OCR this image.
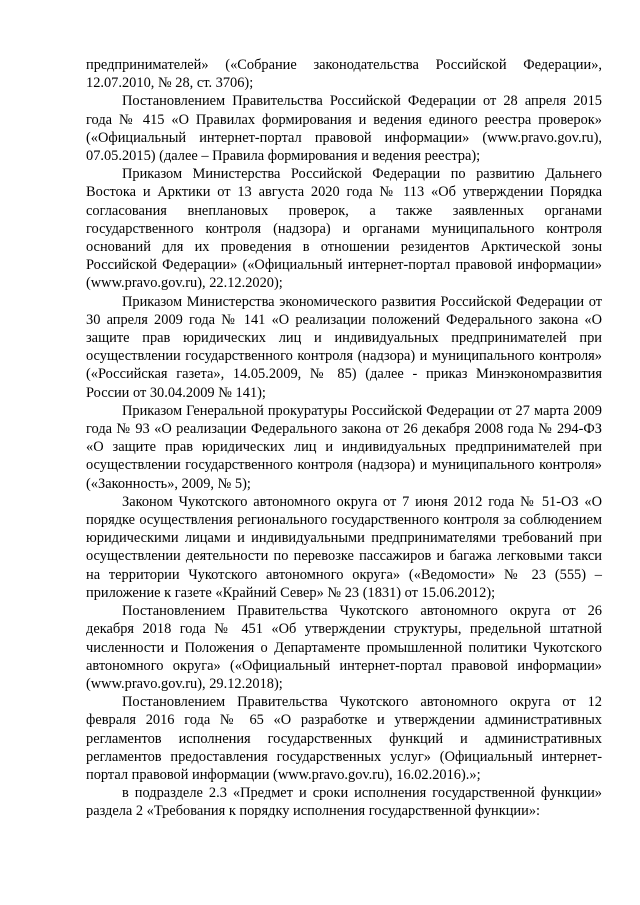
предпринимателей» («Собрание законодательства Российской Федерации», 12.07.2010, № 28, ст. 3706);

Постановлением Правительства Российской Федерации от 28 апреля 2015 года № 415 «О Правилах формирования и ведения единого реестра проверок» («Официальный интернет-портал правовой информации» (www.pravo.gov.ru), 07.05.2015) (далее – Правила формирования и ведения реестра);

Приказом Министерства Российской Федерации по развитию Дальнего Востока и Арктики от 13 августа 2020 года № 113 «Об утверждении Порядка согласования внеплановых проверок, а также заявленных органами государственного контроля (надзора) и органами муниципального контроля оснований для их проведения в отношении резидентов Арктической зоны Российской Федерации» («Официальный интернет-портал правовой информации» (www.pravo.gov.ru), 22.12.2020);

Приказом Министерства экономического развития Российской Федерации от 30 апреля 2009 года № 141 «О реализации положений Федерального закона «О защите прав юридических лиц и индивидуальных предпринимателей при осуществлении государственного контроля (надзора) и муниципального контроля» («Российская газета», 14.05.2009, № 85) (далее - приказ Минэкономразвития России от 30.04.2009 № 141);

Приказом Генеральной прокуратуры Российской Федерации от 27 марта 2009 года № 93 «О реализации Федерального закона от 26 декабря 2008 года № 294-ФЗ «О защите прав юридических лиц и индивидуальных предпринимателей при осуществлении государственного контроля (надзора) и муниципального контроля» («Законность», 2009, № 5);

Законом Чукотского автономного округа от 7 июня 2012 года № 51-ОЗ «О порядке осуществления регионального государственного контроля за соблюдением юридическими лицами и индивидуальными предпринимателями требований при осуществлении деятельности по перевозке пассажиров и багажа легковыми такси на территории Чукотского автономного округа» («Ведомости» № 23 (555) – приложение к газете «Крайний Север» № 23 (1831) от 15.06.2012);

Постановлением Правительства Чукотского автономного округа от 26 декабря 2018 года № 451 «Об утверждении структуры, предельной штатной численности и Положения о Департаменте промышленной политики Чукотского автономного округа» («Официальный интернет-портал правовой информации» (www.pravo.gov.ru), 29.12.2018);

Постановлением Правительства Чукотского автономного округа от 12 февраля 2016 года № 65 «О разработке и утверждении административных регламентов исполнения государственных функций и административных регламентов предоставления государственных услуг» (Официальный интернет-портал правовой информации (www.pravo.gov.ru), 16.02.2016).»;

в подразделе 2.3 «Предмет и сроки исполнения государственной функции» раздела 2 «Требования к порядку исполнения государственной функции»:
